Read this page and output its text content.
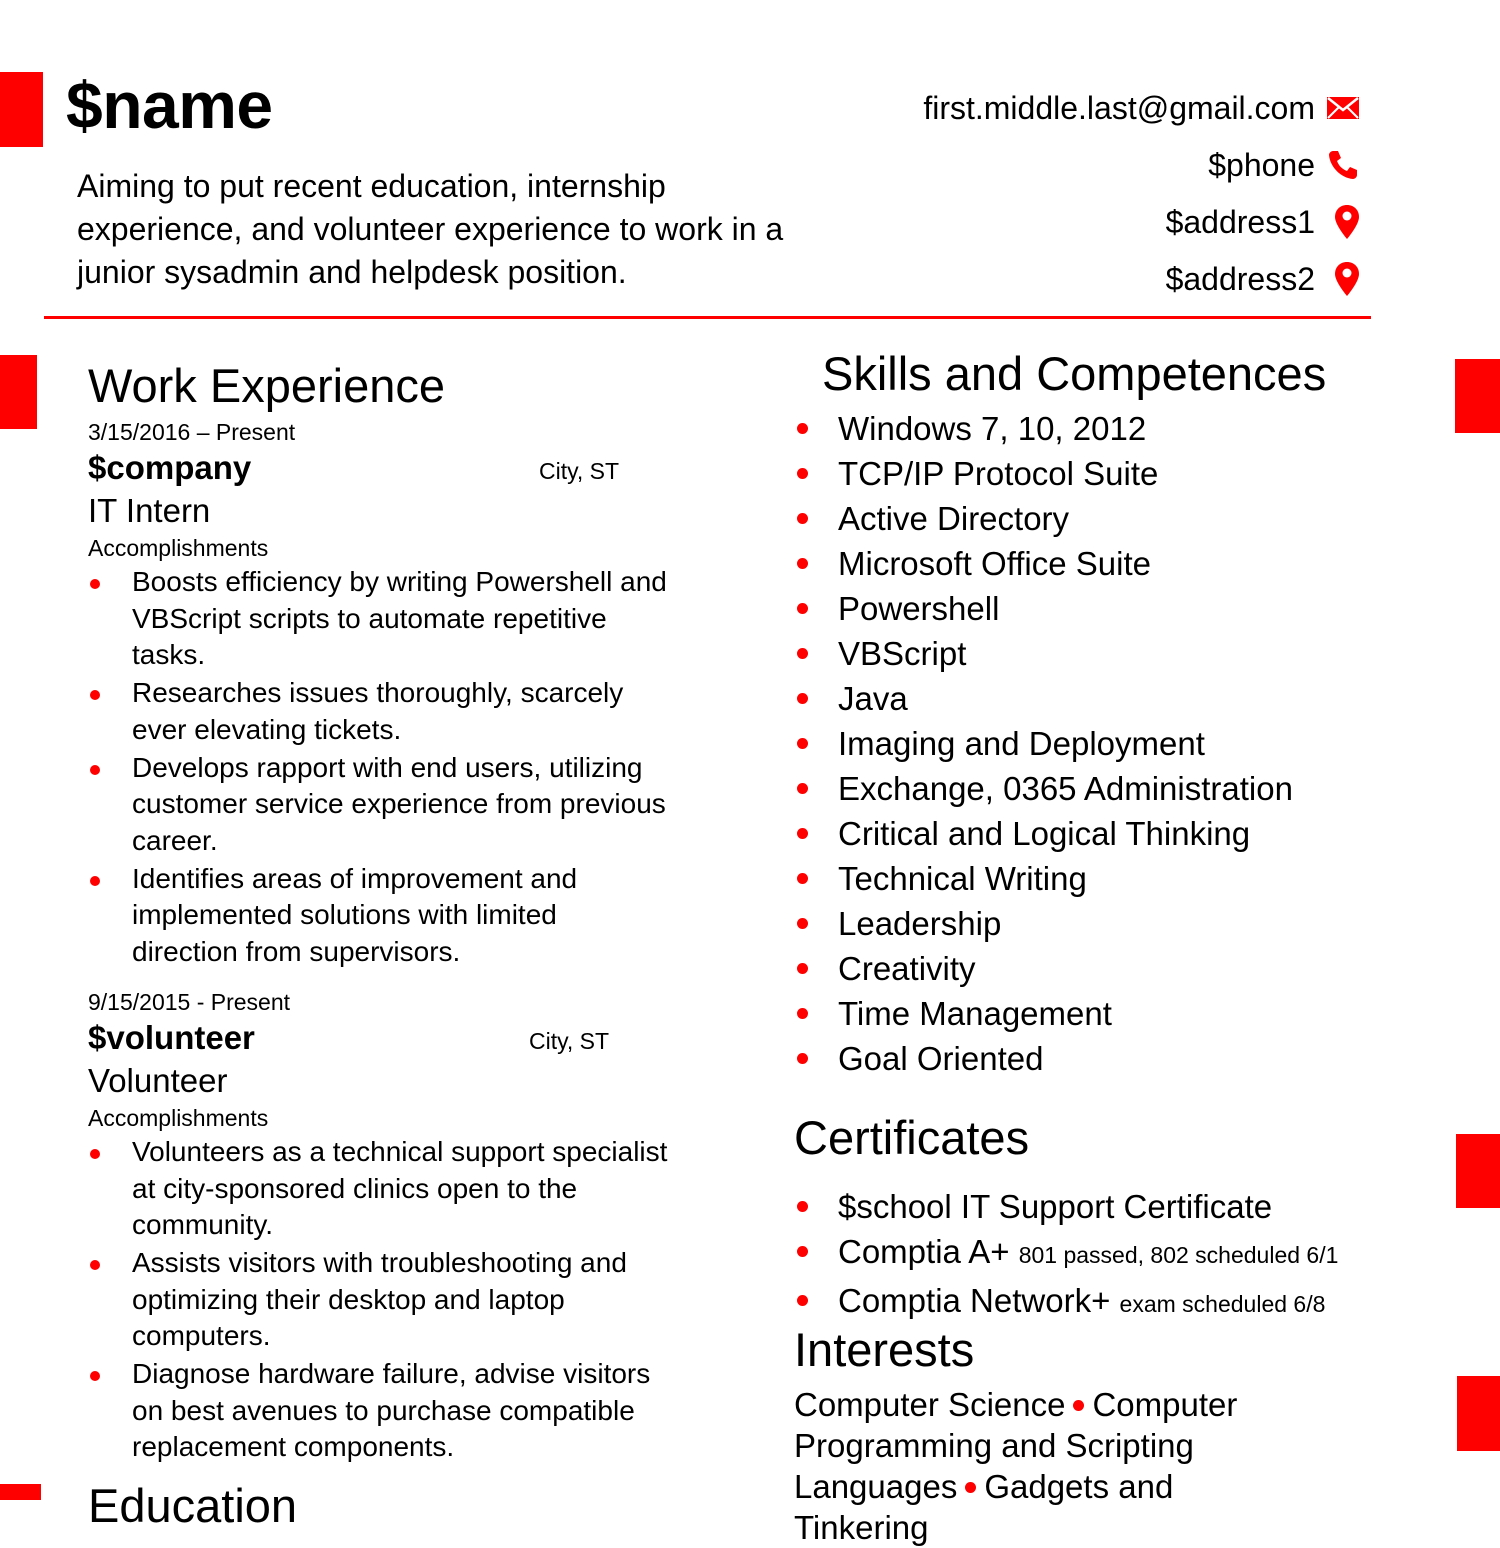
$name
Aiming to put recent education, internship experience, and volunteer experience to work in a junior sysadmin and helpdesk position.
first.middle.last@gmail.com
$phone
$address1
$address2
Work Experience
3/15/2016 – Present
$company	City, ST
IT Intern
Accomplishments
Boosts efficiency by writing Powershell and VBScript scripts to automate repetitive tasks.
Researches issues thoroughly, scarcely ever elevating tickets.
Develops rapport with end users, utilizing customer service experience from previous career.
Identifies areas of improvement and implemented solutions with limited direction from supervisors.
9/15/2015 - Present
$volunteer	City, ST
Volunteer
Accomplishments
Volunteers as a technical support specialist at city-sponsored clinics open to the community.
Assists visitors with troubleshooting and optimizing their desktop and laptop computers.
Diagnose hardware failure, advise visitors on best avenues to purchase compatible replacement components.
Education
Skills and Competences
Windows 7, 10, 2012
TCP/IP Protocol Suite
Active Directory
Microsoft Office Suite
Powershell
VBScript
Java
Imaging and Deployment
Exchange, 0365 Administration
Critical and Logical Thinking
Technical Writing
Leadership
Creativity
Time Management
Goal Oriented
Certificates
$school IT Support Certificate
Comptia A+ 801 passed, 802 scheduled 6/1
Comptia Network+ exam scheduled 6/8
Interests
Computer Science Computer Programming and Scripting Languages Gadgets and Tinkering
